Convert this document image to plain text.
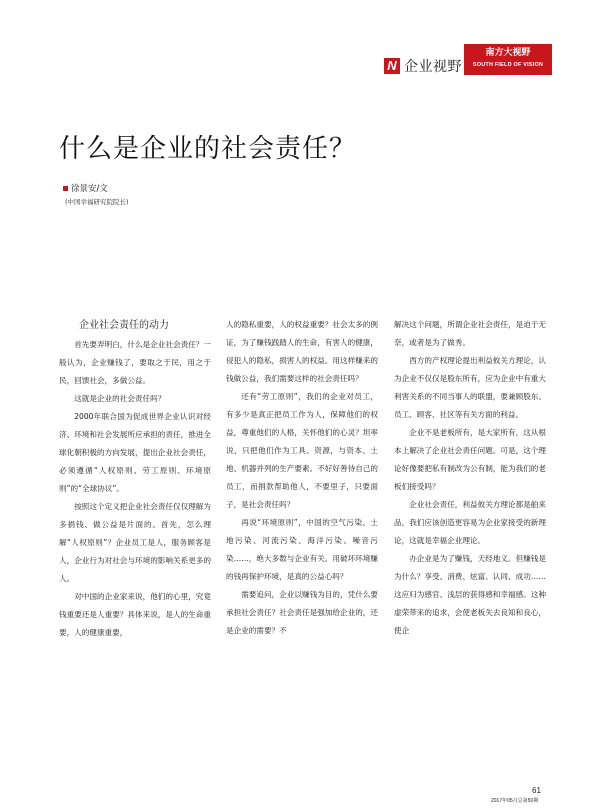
N 企业视野
南方大视野
SOUTH FIELD OF VISION
什么是企业的社会责任？
徐景安/文
(中国幸福研究院院长)

企业社会责任的动力

首先要弄明白，什么是企业社会责任？一般认为，企业赚钱了，要取之于民，用之于民，回馈社会，多做公益。

这就是企业的社会责任吗？

2000年联合国为促成世界企业认识对经济、环境和社会发展所应承担的责任，推进全球化朝积极的方向发展，提出企业社会责任，必须遵循“人权原则、劳工原则、环境原则”的“全球协议”。

按照这个定义把企业社会责任仅仅理解为多捐钱、做公益是片面的。首先，怎么理解“人权原则”？企业员工是人，服务顾客是人，企业行为对社会与环境的影响关系更多的人。

对中国的企业家来说，他们的心里，究竟钱重要还是人重要？具体来说，是人的生命重要，人的健康重要，

人的隐私重要，人的权益重要？社会太多的例证，为了赚钱践踏人的生命，有害人的健康，侵犯人的隐私，损害人的权益。用这样赚来的钱做公益，我们需要这样的社会责任吗？

还有“劳工原则”，我们的企业对员工，有多少是真正把员工作为人，保障他们的权益，尊重他们的人格，关怀他们的心灵？坦率说，只把他们作为工具、资源，与资本、土地、机器并列的生产要素。不好好善待自己的员工，而捐款帮助他人，不要里子，只要面子，是社会责任吗？

再说“环境原则”，中国的空气污染、土地污染、河流污染、海洋污染、噪音污染……，绝大多数与企业有关。用破坏环境赚的钱再保护环境，是真的公益心吗？

需要追问，企业以赚钱为目的，凭什么要承担社会责任？社会责任是强加给企业的，还是企业的需要？不

解决这个问题，所谓企业社会责任，是迫于无奈，或者是为了做秀。

西方的产权理论提出利益攸关方理论，认为企业不仅仅是股东所有，应为企业中有重大利害关系的不同当事人的联盟，要兼顾股东、员工、顾客、社区等有关方面的利益。

企业不是老板所有，是大家所有，这从根本上解决了企业社会责任问题。可是，这个理论好像要把私有制改为公有制，能为我们的老板们接受吗？

企业社会责任，利益攸关方理论都是舶来品，我们应该创造更容易为企业家接受的新理论，这就是幸福企业理论。

办企业是为了赚钱，天经地义。但赚钱是为什么？享受、消费、炫富、认同、成功……这应归为感官、浅层的获得感和幸福感。这种虚荣带来的追求，会使老板失去良知和良心，使企

61
2017年05月总第50期
